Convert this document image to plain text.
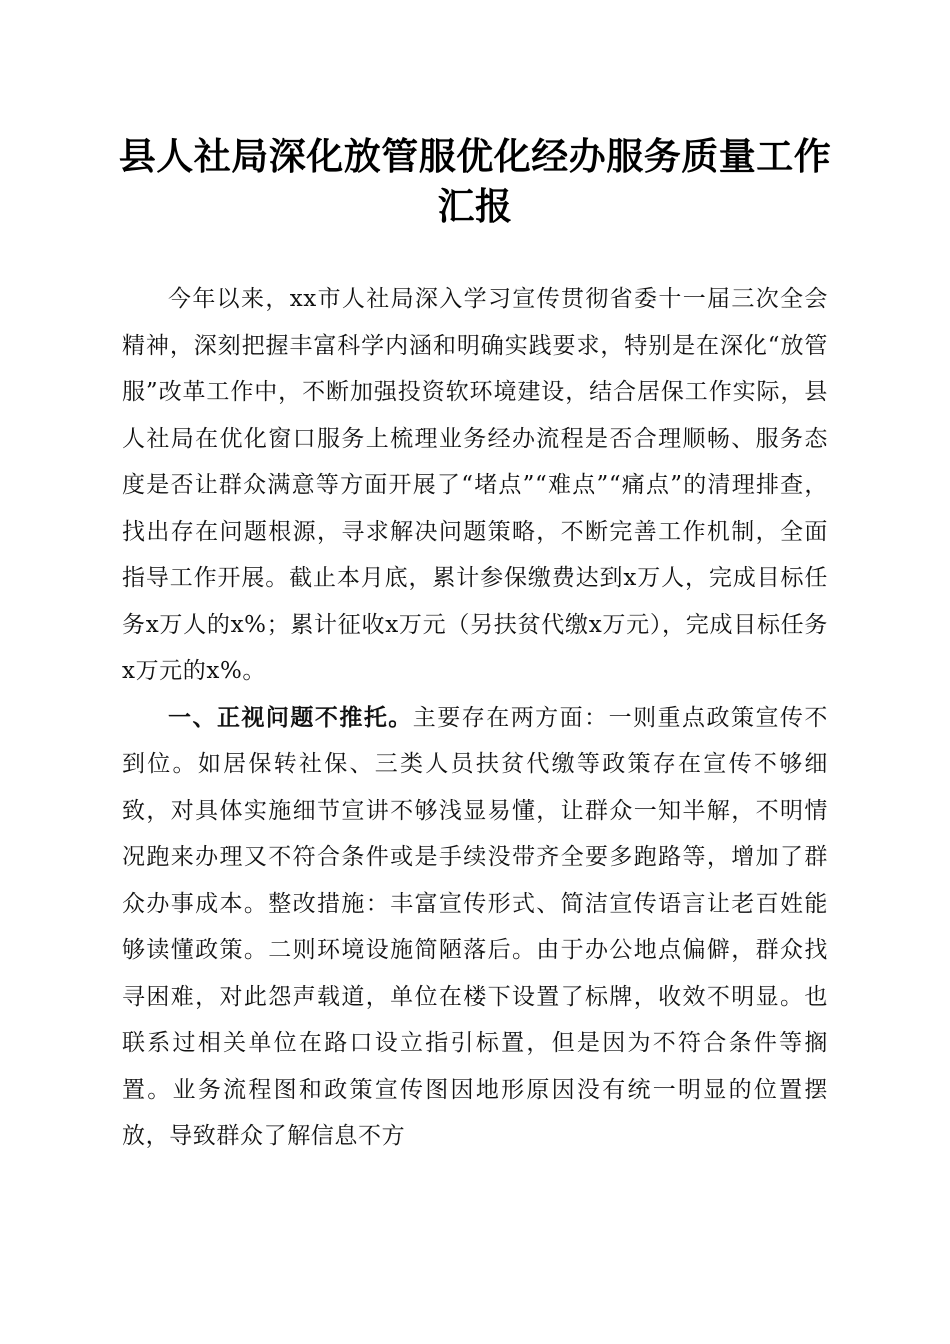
县人社局深化放管服优化经办服务质量工作汇报

今年以来，xx市人社局深入学习宣传贯彻省委十一届三次全会精神，深刻把握丰富科学内涵和明确实践要求，特别是在深化“放管服”改革工作中，不断加强投资软环境建设，结合居保工作实际，县人社局在优化窗口服务上梳理业务经办流程是否合理顺畅、服务态度是否让群众满意等方面开展了“堵点”“难点”“痛点”的清理排查，找出存在问题根源，寻求解决问题策略，不断完善工作机制，全面指导工作开展。截止本月底，累计参保缴费达到x万人，完成目标任务x万人的x%；累计征收x万元（另扶贫代缴x万元），完成目标任务x万元的x%。

一、正视问题不推托。主要存在两方面：一则重点政策宣传不到位。如居保转社保、三类人员扶贫代缴等政策存在宣传不够细致，对具体实施细节宣讲不够浅显易懂，让群众一知半解，不明情况跑来办理又不符合条件或是手续没带齐全要多跑路等，增加了群众办事成本。整改措施：丰富宣传形式、简洁宣传语言让老百姓能够读懂政策。二则环境设施简陋落后。由于办公地点偏僻，群众找寻困难，对此怨声载道，单位在楼下设置了标牌，收效不明显。也联系过相关单位在路口设立指引标置，但是因为不符合条件等搁置。业务流程图和政策宣传图因地形原因没有统一明显的位置摆放，导致群众了解信息不方
